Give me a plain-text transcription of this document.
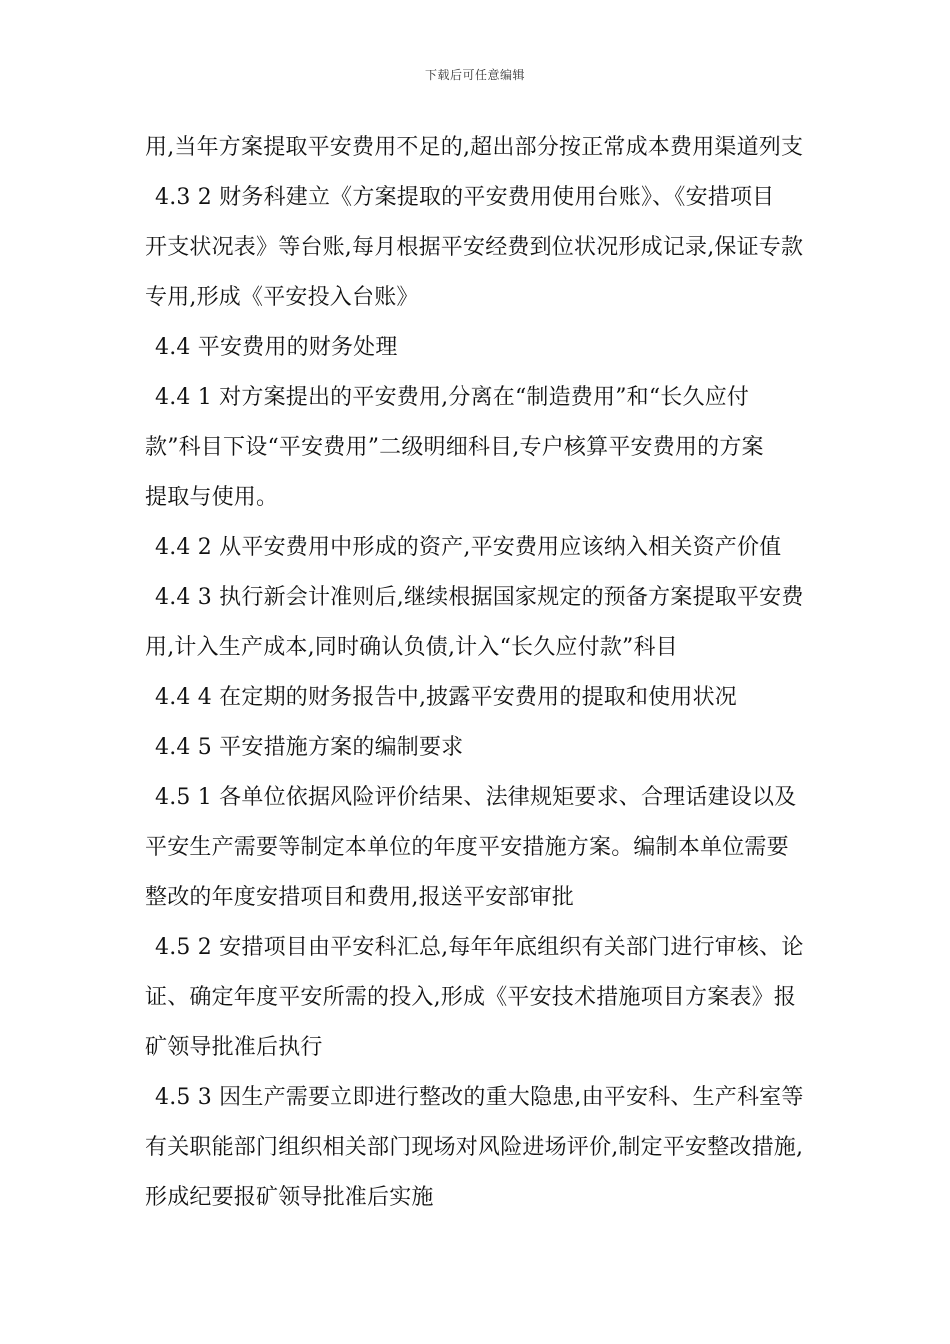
下载后可任意编辑
用,当年方案提取平安费用不足的,超出部分按正常成本费用渠道列支
4.3 2 财务科建立《方案提取的平安费用使用台账》、《安措项目
开支状况表》等台账,每月根据平安经费到位状况形成记录,保证专款
专用,形成《平安投入台账》
4.4 平安费用的财务处理
4.4 1 对方案提出的平安费用,分离在“制造费用”和“长久应付
款”科目下设“平安费用”二级明细科目,专户核算平安费用的方案
提取与使用。
4.4 2 从平安费用中形成的资产,平安费用应该纳入相关资产价值
4.4 3 执行新会计准则后,继续根据国家规定的预备方案提取平安费
用,计入生产成本,同时确认负债,计入“长久应付款”科目
4.4 4 在定期的财务报告中,披露平安费用的提取和使用状况
4.4 5 平安措施方案的编制要求
4.5 1 各单位依据风险评价结果、法律规矩要求、合理话建设以及
平安生产需要等制定本单位的年度平安措施方案。编制本单位需要
整改的年度安措项目和费用,报送平安部审批
4.5 2 安措项目由平安科汇总,每年年底组织有关部门进行审核、论
证、确定年度平安所需的投入,形成《平安技术措施项目方案表》报
矿领导批准后执行
4.5 3 因生产需要立即进行整改的重大隐患,由平安科、生产科室等
有关职能部门组织相关部门现场对风险进场评价,制定平安整改措施,
形成纪要报矿领导批准后实施
